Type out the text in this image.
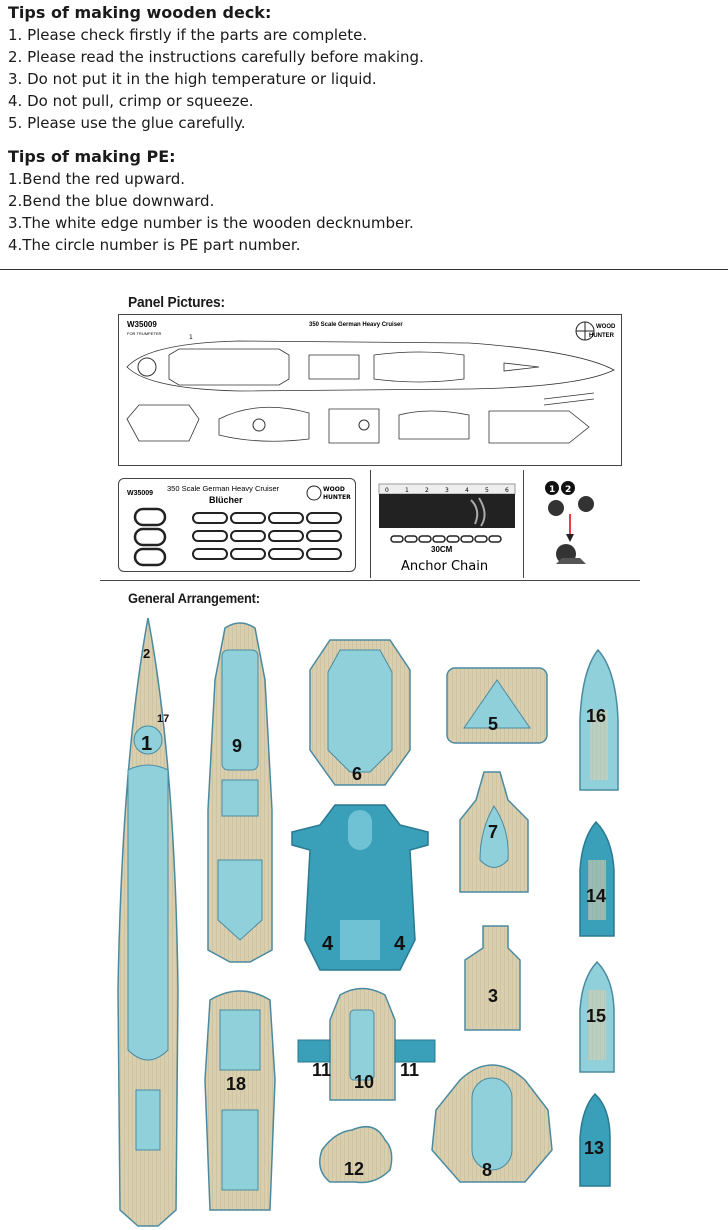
Tips of making wooden deck:

1. Please check firstly if the parts are complete.

2. Please read the instructions carefully before making.

3. Do not put it in the high temperature or liquid.

4. Do not pull, crimp or squeeze.

5. Please use the glue carefully.

Tips of making PE:

1.Bend the red upward.

2.Bend the blue downward.

3.The white edge number is the wooden decknumber.

4.The circle number is PE part number.

Panel Pictures:
W35009
FOR TRUMPETER
350 Scale German Heavy Cruiser	WOOD
HUNTER
1
W35009
350 Scale German Heavy Cruiser
Blücher
WOOD
HUNTER
0	1	2	3	4	5	6
30CM
Anchor Chain
1 2
General Arrangement:
1
2
17
9
18
6
4	4
10
11	11
12
5
7
3
8
16
14
15
13
